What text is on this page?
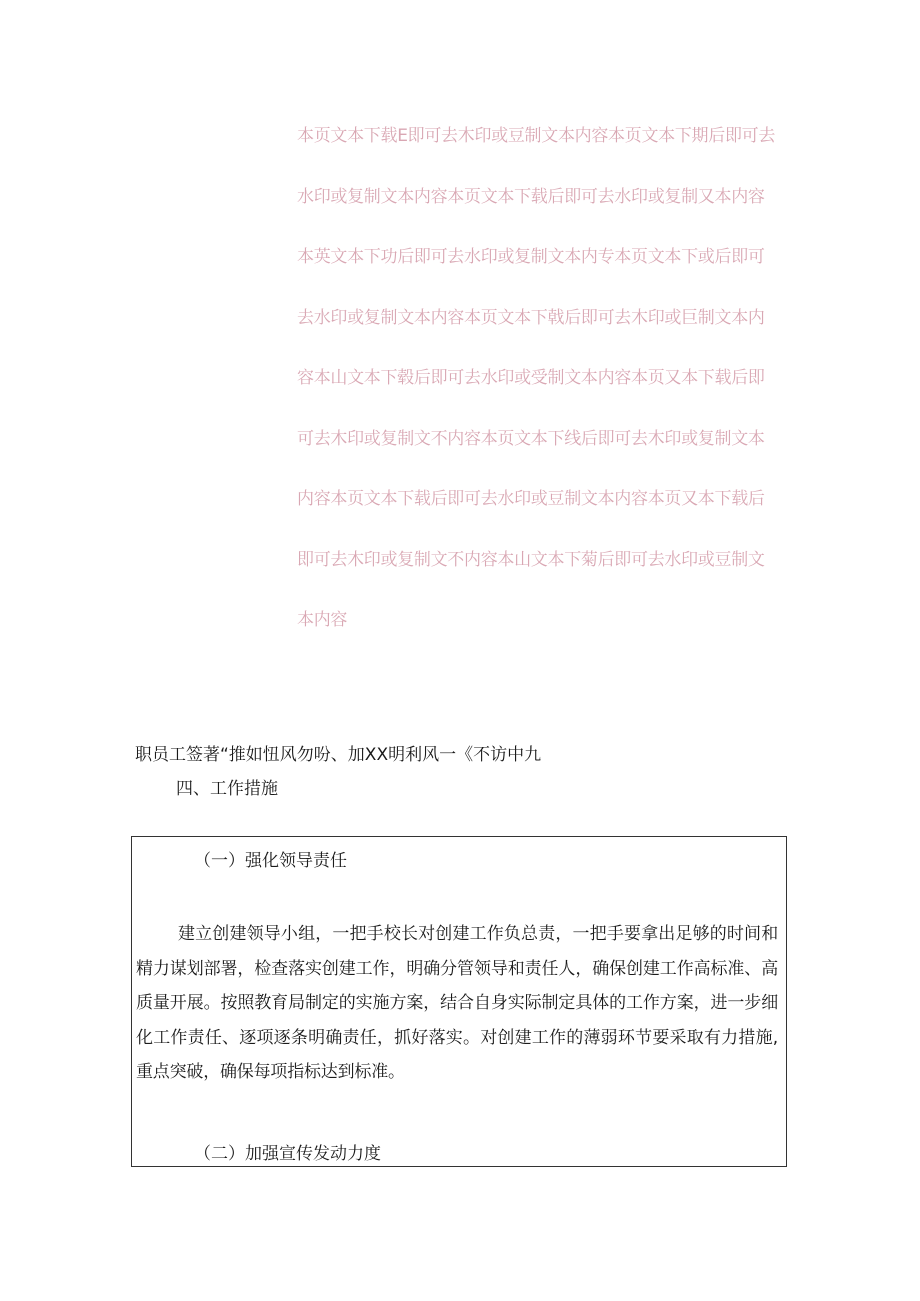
本页文本下载E即可去木印或豆制文本内容本页文本下期后即可去
水印或复制文本内容本页文本下载后即可去水印或复制又本内容
本英文本下功后即可去水印或复制文本内专本页文本下或后即可
去水印或复制文本内容本页文本下戟后即可去木印或巨制文本内
容本山文本下毂后即可去水印或受制文本内容本页又本下载后即
可去木印或复制文不内容本页文本下线后即可去木印或复制文本
内容本页文本下载后即可去水印或豆制文本内容本页又本下载后
即可去木印或复制文不内容本山文本下菊后即可去水印或豆制文
本内容
职员工签著“推如忸风勿吩、加XX明利风一《不访中九
四、工作措施
（一）强化领导责任
建立创建领导小组，一把手校长对创建工作负总责，一把手要拿出足够的时间和精力谋划部署，检查落实创建工作，明确分管领导和责任人，确保创建工作高标准、高质量开展。按照教育局制定的实施方案，结合自身实际制定具体的工作方案，进一步细化工作责任、逐项逐条明确责任，抓好落实。对创建工作的薄弱环节要采取有力措施,重点突破，确保每项指标达到标准。
（二）加强宣传发动力度
